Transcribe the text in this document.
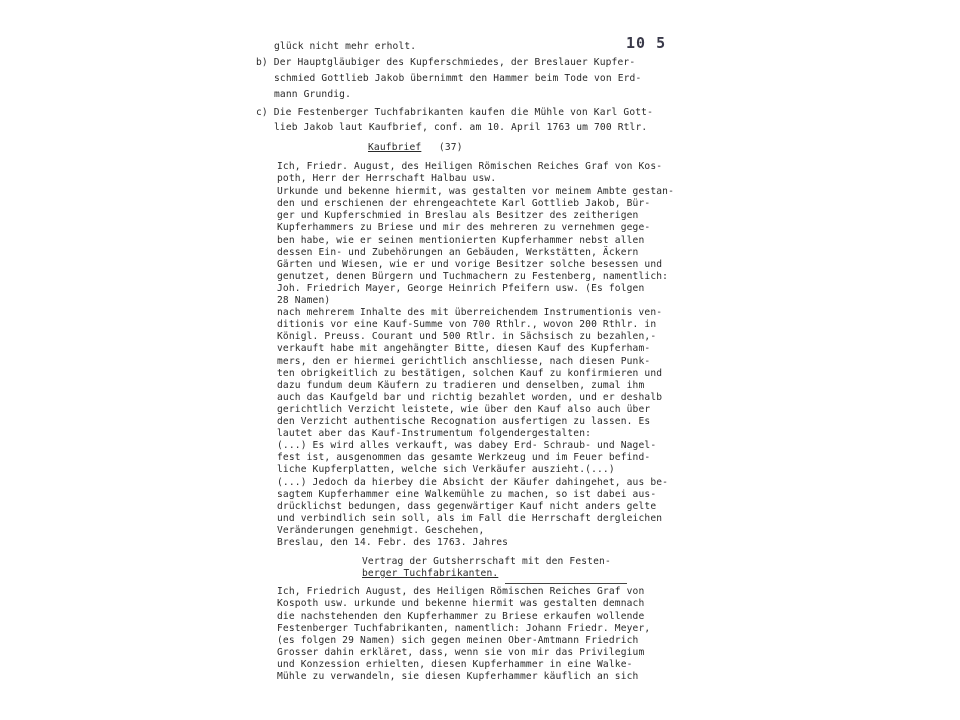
10 5
glück nicht mehr erholt.
b) Der Hauptgläubiger des Kupferschmiedes, der Breslauer Kupfer-
schmied Gottlieb Jakob übernimmt den Hammer beim Tode von Erd-
mann Grundig.
c) Die Festenberger Tuchfabrikanten kaufen die Mühle von Karl Gott-
lieb Jakob laut Kaufbrief, conf. am 10. April 1763 um 700 Rtlr.
Kaufbrief (37)
Ich, Friedr. August, des Heiligen Römischen Reiches Graf von Kos-
poth, Herr der Herrschaft Halbau usw.
Urkunde und bekenne hiermit, was gestalten vor meinem Ambte gestan-
den und erschienen der ehrengeachtete Karl Gottlieb Jakob, Bür-
ger und Kupferschmied in Breslau als Besitzer des zeitherigen
Kupferhammers zu Briese und mir des mehreren zu vernehmen gege-
ben habe, wie er seinen mentionierten Kupferhammer nebst allen
dessen Ein- und Zubehörungen an Gebäuden, Werkstätten, Äckern
Gärten und Wiesen, wie er und vorige Besitzer solche besessen und
genutzet, denen Bürgern und Tuchmachern zu Festenberg, namentlich:
Joh. Friedrich Mayer, George Heinrich Pfeifern usw. (Es folgen
28 Namen)
nach mehrerem Inhalte des mit überreichendem Instrumentionis ven-
ditionis vor eine Kauf-Summe von 700 Rthlr., wovon 200 Rthlr. in
Königl. Preuss. Courant und 500 Rtlr. in Sächsisch zu bezahlen,-
verkauft habe mit angehängter Bitte, diesen Kauf des Kupferham-
mers, den er hiermei gerichtlich anschliesse, nach diesen Punk-
ten obrigkeitlich zu bestätigen, solchen Kauf zu konfirmieren und
dazu fundum deum Käufern zu tradieren und denselben, zumal ihm
auch das Kaufgeld bar und richtig bezahlet worden, und er deshalb
gerichtlich Verzicht leistete, wie über den Kauf also auch über
den Verzicht authentische Recognation ausfertigen zu lassen. Es
lautet aber das Kauf-Instrumentum folgendergestalten:
(...) Es wird alles verkauft, was dabey Erd- Schraub- und Nagel-
fest ist, ausgenommen das gesamte Werkzeug und im Feuer befind-
liche Kupferplatten, welche sich Verkäufer auszieht.(...)
(...) Jedoch da hierbey die Absicht der Käufer dahingehet, aus be-
sagtem Kupferhammer eine Walkemühle zu machen, so ist dabei aus-
drücklichst bedungen, dass gegenwärtiger Kauf nicht anders gelte
und verbindlich sein soll, als im Fall die Herrschaft dergleichen
Veränderungen genehmigt. Geschehen,
Breslau, den 14. Febr. des 1763. Jahres
Vertrag der Gutsherrschaft mit den Festen-
berger Tuchfabrikanten.
Ich, Friedrich August, des Heiligen Römischen Reiches Graf von
Kospoth usw. urkunde und bekenne hiermit was gestalten demnach
die nachstehenden den Kupferhammer zu Briese erkaufen wollende
Festenberger Tuchfabrikanten, namentlich: Johann Friedr. Meyer,
(es folgen 29 Namen) sich gegen meinen Ober-Amtmann Friedrich
Grosser dahin erkläret, dass, wenn sie von mir das Privilegium
und Konzession erhielten, diesen Kupferhammer in eine Walke-
Mühle zu verwandeln, sie diesen Kupferhammer käuflich an sich
